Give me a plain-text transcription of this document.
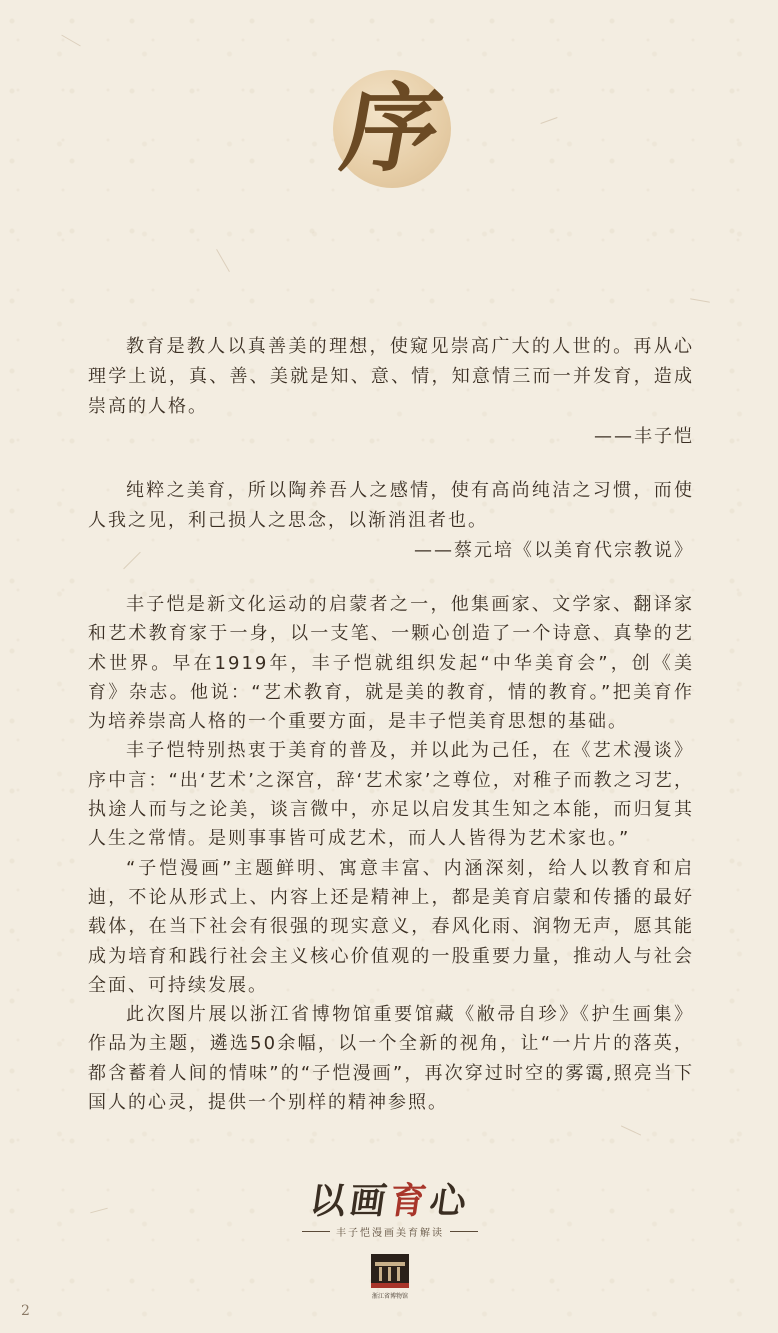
序

教育是教人以真善美的理想，使窥见崇高广大的人世的。再从心理学上说，真、善、美就是知、意、情，知意情三而一并发育，造成崇高的人格。

——丰子恺

纯粹之美育，所以陶养吾人之感情，使有高尚纯洁之习惯，而使人我之见，利己损人之思念，以渐消沮者也。

——蔡元培《以美育代宗教说》

丰子恺是新文化运动的启蒙者之一，他集画家、文学家、翻译家和艺术教育家于一身，以一支笔、一颗心创造了一个诗意、真挚的艺术世界。早在1919年，丰子恺就组织发起“中华美育会”，创《美育》杂志。他说：“艺术教育，就是美的教育，情的教育。”把美育作为培养崇高人格的一个重要方面，是丰子恺美育思想的基础。

丰子恺特别热衷于美育的普及，并以此为己任，在《艺术漫谈》序中言：“出‘艺术’之深宫，辞‘艺术家’之尊位，对稚子而教之习艺，执途人而与之论美，谈言微中，亦足以启发其生知之本能，而归复其人生之常情。是则事事皆可成艺术，而人人皆得为艺术家也。”

“子恺漫画”主题鲜明、寓意丰富、内涵深刻，给人以教育和启迪，不论从形式上、内容上还是精神上，都是美育启蒙和传播的最好载体，在当下社会有很强的现实意义，春风化雨、润物无声，愿其能成为培育和践行社会主义核心价值观的一股重要力量，推动人与社会全面、可持续发展。

此次图片展以浙江省博物馆重要馆藏《敝帚自珍》《护生画集》作品为主题，遴选50余幅，以一个全新的视角，让“一片片的落英，都含蓄着人间的情味”的“子恺漫画”，再次穿过时空的雾霭,照亮当下国人的心灵，提供一个别样的精神参照。

以画育心
丰子恺漫画美育解读
浙江省博物馆
2
